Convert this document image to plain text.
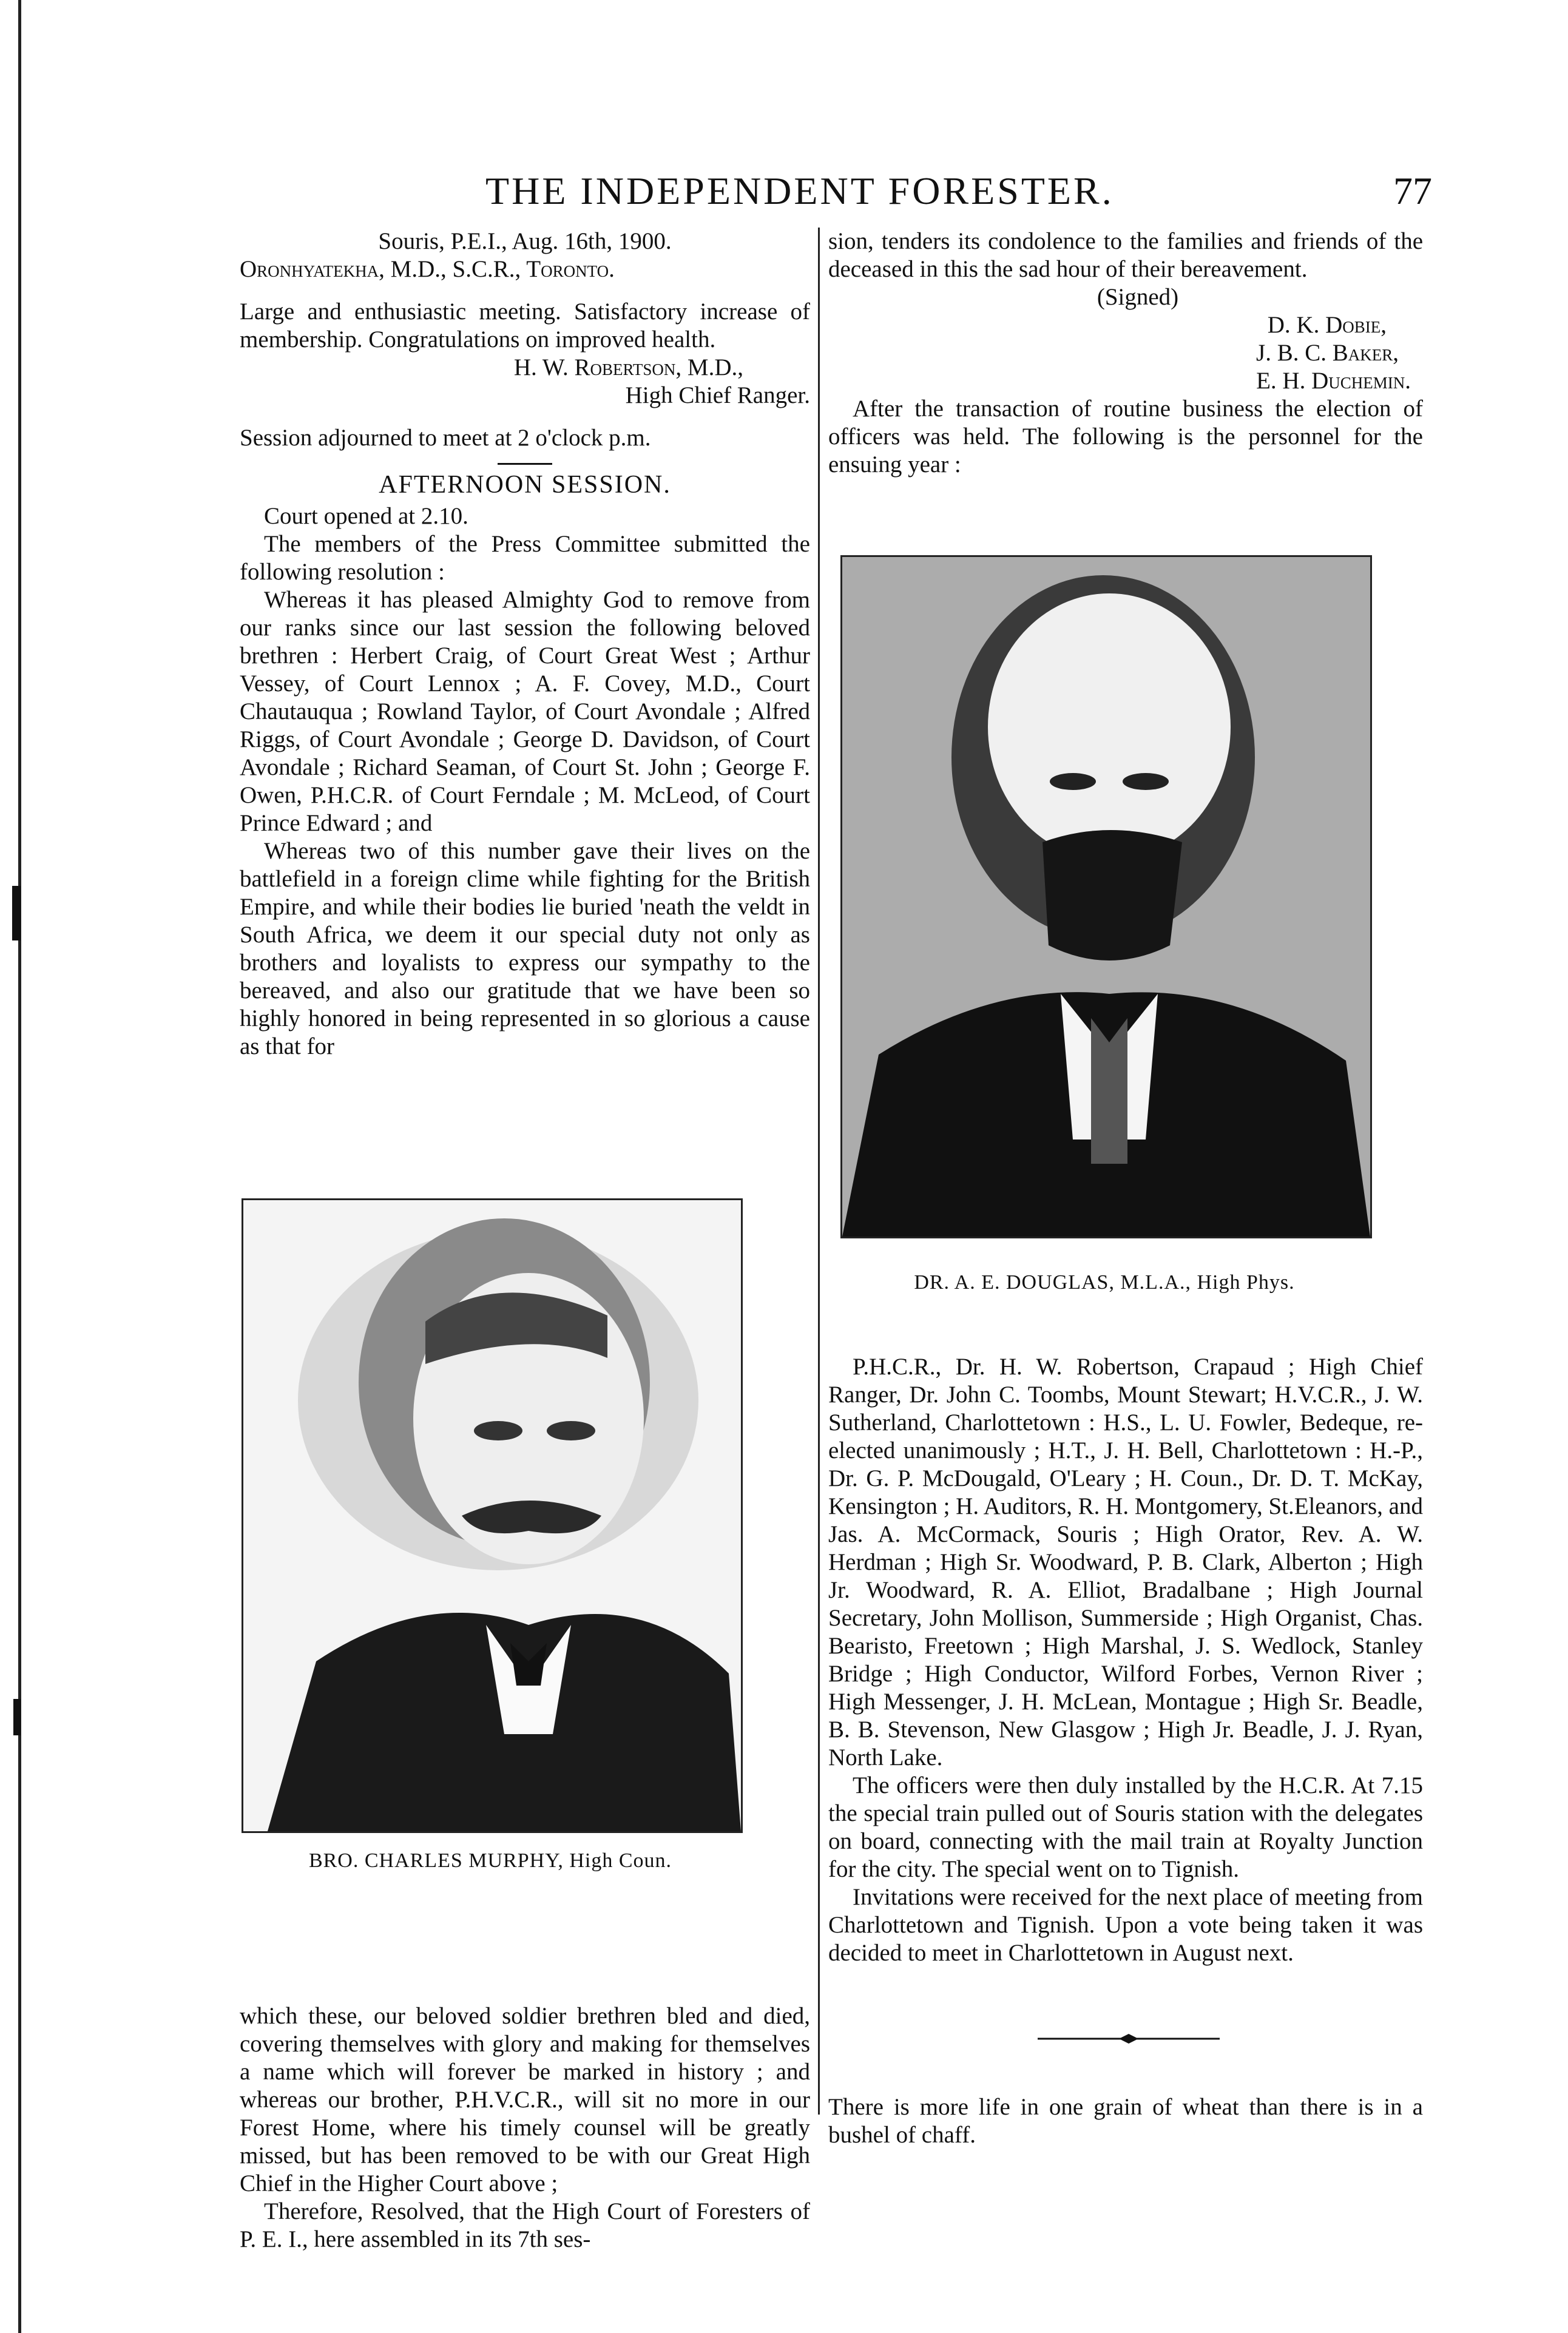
THE INDEPENDENT FORESTER.	77

Souris, P.E.I., Aug. 16th, 1900.

Oronhyatekha, M.D., S.C.R., Toronto.

Large and enthusiastic meeting. Satisfactory increase of membership. Congratulations on improved health.

H. W. Robertson, M.D.,

High Chief Ranger.

Session adjourned to meet at 2 o'clock p.m.

AFTERNOON SESSION.

Court opened at 2.10.

The members of the Press Committee submitted the following resolution :

Whereas it has pleased Almighty God to remove from our ranks since our last session the following beloved brethren : Herbert Craig, of Court Great West ; Arthur Vessey, of Court Lennox ; A. F. Covey, M.D., Court Chautauqua ; Rowland Taylor, of Court Avondale ; Alfred Riggs, of Court Avondale ; George D. Davidson, of Court Avondale ; Richard Seaman, of Court St. John ; George F. Owen, P.H.C.R. of Court Ferndale ; M. McLeod, of Court Prince Edward ; and

Whereas two of this number gave their lives on the battlefield in a foreign clime while fighting for the British Empire, and while their bodies lie buried 'neath the veldt in South Africa, we deem it our special duty not only as brothers and loyalists to express our sympathy to the bereaved, and also our gratitude that we have been so highly honored in being represented in so glorious a cause as that for

BRO. CHARLES MURPHY, High Coun.

which these, our beloved soldier brethren bled and died, covering themselves with glory and making for themselves a name which will forever be marked in history ; and whereas our brother, P.H.V.C.R., will sit no more in our Forest Home, where his timely counsel will be greatly missed, but has been removed to be with our Great High Chief in the Higher Court above ;

Therefore, Resolved, that the High Court of Foresters of P. E. I., here assembled in its 7th ses-

sion, tenders its condolence to the families and friends of the deceased in this the sad hour of their bereavement.

(Signed)

D. K. Dobie,

J. B. C. Baker,

E. H. Duchemin.

After the transaction of routine business the election of officers was held. The following is the personnel for the ensuing year :

DR. A. E. DOUGLAS, M.L.A., High Phys.

P.H.C.R., Dr. H. W. Robertson, Crapaud ; High Chief Ranger, Dr. John C. Toombs, Mount Stewart; H.V.C.R., J. W. Sutherland, Charlottetown : H.S., L. U. Fowler, Bedeque, re-elected unanimously ; H.T., J. H. Bell, Charlottetown : H.-P., Dr. G. P. McDougald, O'Leary ; H. Coun., Dr. D. T. McKay, Kensington ; H. Auditors, R. H. Montgomery, St.Eleanors, and Jas. A. McCormack, Souris ; High Orator, Rev. A. W. Herdman ; High Sr. Woodward, P. B. Clark, Alberton ; High Jr. Woodward, R. A. Elliot, Bradalbane ; High Journal Secretary, John Mollison, Summerside ; High Organist, Chas. Bearisto, Freetown ; High Marshal, J. S. Wedlock, Stanley Bridge ; High Conductor, Wilford Forbes, Vernon River ; High Messenger, J. H. McLean, Montague ; High Sr. Beadle, B. B. Stevenson, New Glasgow ; High Jr. Beadle, J. J. Ryan, North Lake.

The officers were then duly installed by the H.C.R. At 7.15 the special train pulled out of Souris station with the delegates on board, connecting with the mail train at Royalty Junction for the city. The special went on to Tignish.

Invitations were received for the next place of meeting from Charlottetown and Tignish. Upon a vote being taken it was decided to meet in Charlottetown in August next.

There is more life in one grain of wheat than there is in a bushel of chaff.
